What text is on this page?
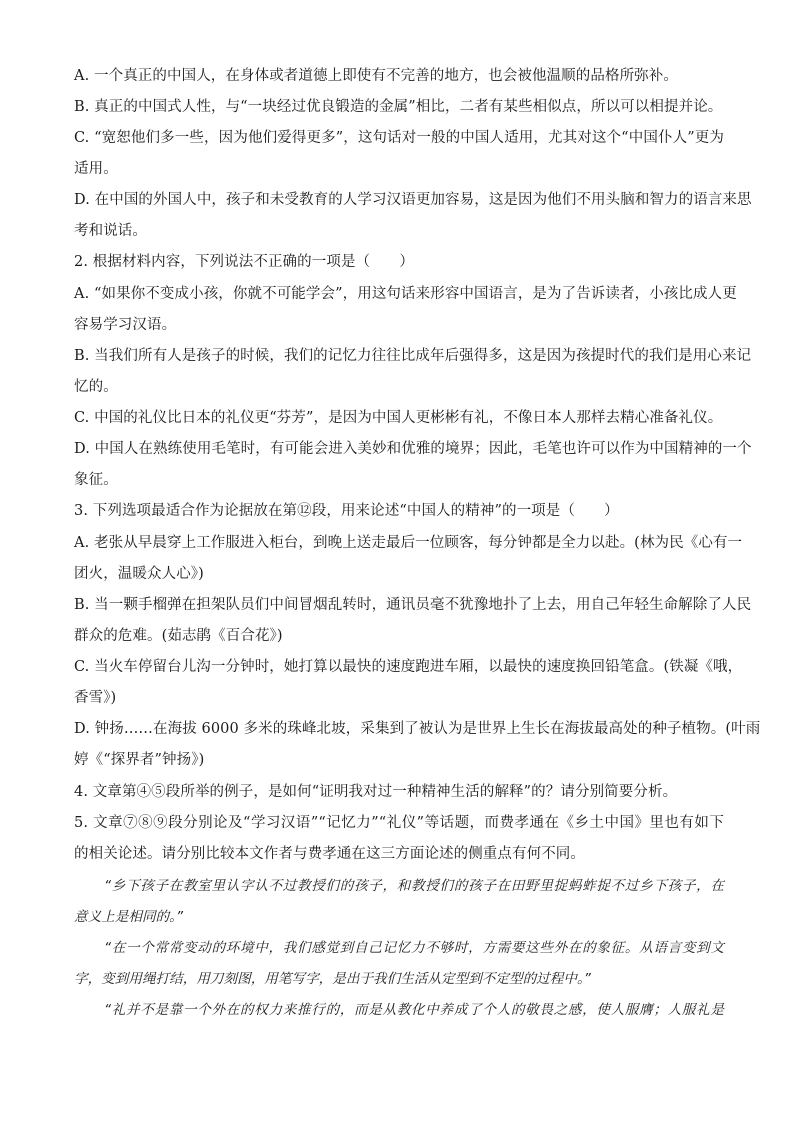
A. 一个真正的中国人，在身体或者道德上即使有不完善的地方，也会被他温顺的品格所弥补。
B. 真正的中国式人性，与“一块经过优良锻造的金属”相比，二者有某些相似点，所以可以相提并论。
C. “宽恕他们多一些，因为他们爱得更多”，这句话对一般的中国人适用，尤其对这个“中国仆人”更为
适用。
D. 在中国的外国人中，孩子和未受教育的人学习汉语更加容易，这是因为他们不用头脑和智力的语言来思
考和说话。
2. 根据材料内容，下列说法不正确的一项是（　　）
A. “如果你不变成小孩，你就不可能学会”，用这句话来形容中国语言，是为了告诉读者，小孩比成人更
容易学习汉语。
B. 当我们所有人是孩子的时候，我们的记忆力往往比成年后强得多，这是因为孩提时代的我们是用心来记
忆的。
C. 中国的礼仪比日本的礼仪更“芬芳”，是因为中国人更彬彬有礼，不像日本人那样去精心准备礼仪。
D. 中国人在熟练使用毛笔时，有可能会进入美妙和优雅的境界；因此，毛笔也许可以作为中国精神的一个
象征。
3. 下列选项最适合作为论据放在第⑫段，用来论述“中国人的精神”的一项是（　　）
A. 老张从早晨穿上工作服进入柜台，到晚上送走最后一位顾客，每分钟都是全力以赴。(林为民《心有一
团火，温暖众人心》)
B. 当一颗手榴弹在担架队员们中间冒烟乱转时，通讯员毫不犹豫地扑了上去，用自己年轻生命解除了人民
群众的危难。(茹志鹃《百合花》)
C. 当火车停留台儿沟一分钟时，她打算以最快的速度跑进车厢，以最快的速度换回铅笔盒。(铁凝《哦，
香雪》)
D. 钟扬……在海拔 6000 多米的珠峰北坡，采集到了被认为是世界上生长在海拔最高处的种子植物。(叶雨
婷《“探界者”钟扬》)
4. 文章第④⑤段所举的例子，是如何“证明我对过一种精神生活的解释”的？请分别简要分析。
5. 文章⑦⑧⑨段分别论及“学习汉语”“记忆力”“礼仪”等话题，而费孝通在《乡土中国》里也有如下
的相关论述。请分别比较本文作者与费孝通在这三方面论述的侧重点有何不同。
“乡下孩子在教室里认字认不过教授们的孩子，和教授们的孩子在田野里捉蚂蚱捉不过乡下孩子，在
意义上是相同的。”
“在一个常常变动的环境中，我们感觉到自己记忆力不够时，方需要这些外在的象征。从语言变到文
字，变到用绳打结，用刀刻图，用笔写字，是出于我们生活从定型到不定型的过程中。”
“礼并不是靠一个外在的权力来推行的，而是从教化中养成了个人的敬畏之感，使人服膺；人服礼是
